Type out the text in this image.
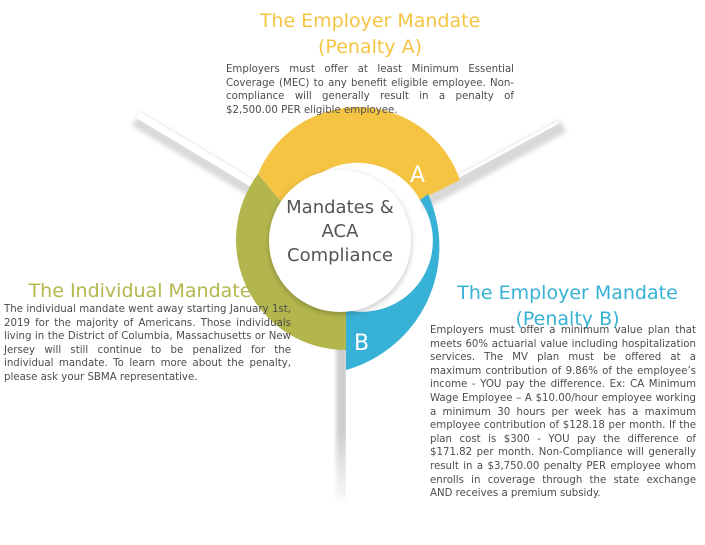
A
B
Mandates &
ACA
Compliance
The Employer Mandate
(Penalty A)
Employers must offer at least Minimum Essential Coverage (MEC) to any benefit eligible employee. Non-compliance will generally result in a penalty of $2,500.00 PER eligible employee.
The Individual Mandate
The individual mandate went away starting January 1st, 2019 for the majority of Americans. Those individuals living in the District of Columbia, Massachusetts or New Jersey will still continue to be penalized for the individual mandate. To learn more about the penalty, please ask your SBMA representative.
The Employer Mandate
(Penalty B)
Employers must offer a minimum value plan that meets 60% actuarial value including hospitalization services. The MV plan must be offered at a maximum contribution of 9.86% of the employee’s income - YOU pay the difference. Ex: CA Minimum Wage Employee – A $10.00/hour employee working a minimum 30 hours per week has a maximum employee contribution of $128.18 per month. If the plan cost is $300 - YOU pay the difference of $171.82 per month. Non-Compliance will generally result in a $3,750.00 penalty PER employee whom enrolls in coverage through the state exchange AND receives a premium subsidy.
